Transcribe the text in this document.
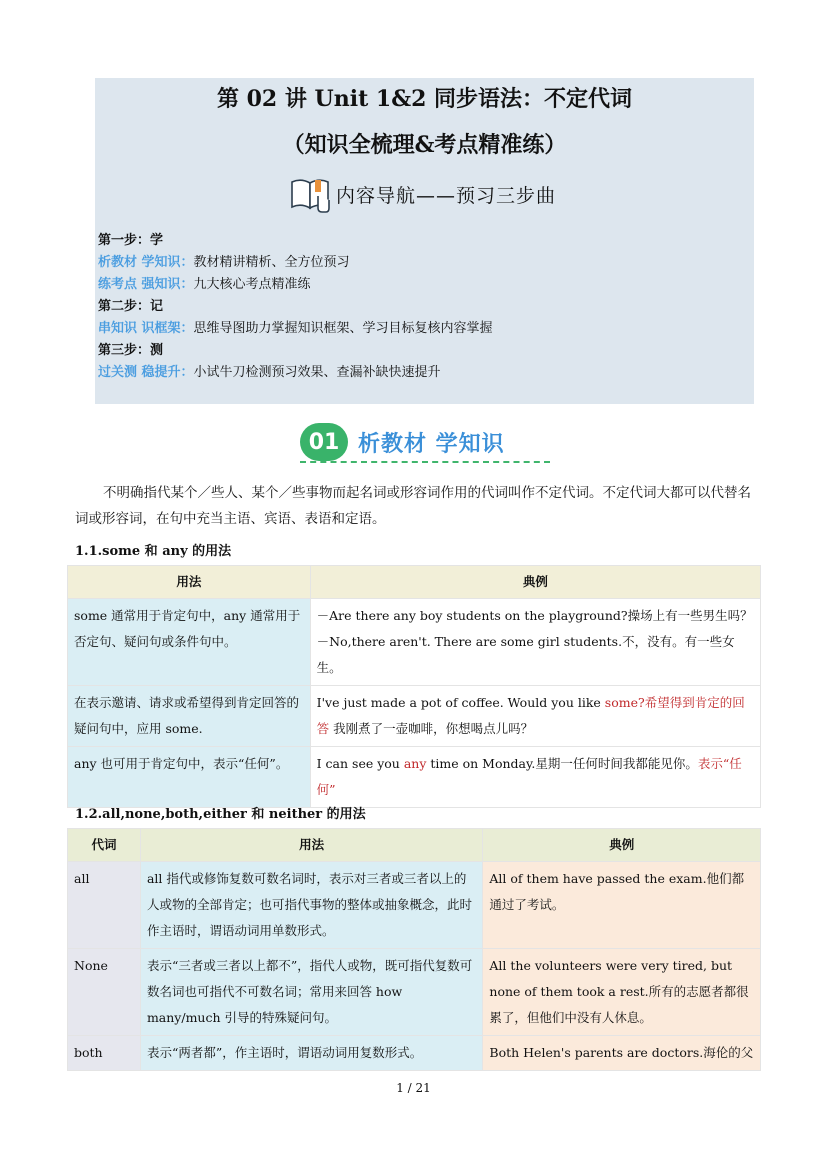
第 02 讲 Unit 1&2 同步语法：不定代词
（知识全梳理&考点精准练）
内容导航——预习三步曲
第一步：学
析教材 学知识：教材精讲精析、全方位预习
练考点 强知识：九大核心考点精准练
第二步：记
串知识 识框架：思维导图助力掌握知识框架、学习目标复核内容掌握
第三步：测
过关测 稳提升：小试牛刀检测预习效果、查漏补缺快速提升
01 析教材 学知识
不明确指代某个／些人、某个／些事物而起名词或形容词作用的代词叫作不定代词。不定代词大都可以代替名词或形容词，在句中充当主语、宾语、表语和定语。
1.1.some 和 any 的用法
用法	典例
some 通常用于肯定句中，any 通常用于否定句、疑问句或条件句中。	－Are there any boy students on the playground?操场上有一些男生吗？
－No,there aren't. There are some girl students.不，没有。有一些女生。

在表示邀请、请求或希望得到肯定回答的疑问句中，应用 some.	I've just made a pot of coffee. Would you like some?希望得到肯定的回答 我刚煮了一壶咖啡，你想喝点儿吗？
any 也可用于肯定句中，表示“任何”。	I can see you any time on Monday.星期一任何时间我都能见你。表示“任何”
1.2.all,none,both,either 和 neither 的用法
代词	用法	典例
all	all 指代或修饰复数可数名词时，表示对三者或三者以上的人或物的全部肯定；也可指代事物的整体或抽象概念，此时作主语时，谓语动词用单数形式。	All of them have passed the exam.他们都通过了考试。
None	表示“三者或三者以上都不”，指代人或物，既可指代复数可数名词也可指代不可数名词；常用来回答 how many/much 引导的特殊疑问句。	All the volunteers were very tired, but none of them took a rest.所有的志愿者都很累了，但他们中没有人休息。
both	表示“两者都”，作主语时，谓语动词用复数形式。	Both Helen's parents are doctors.海伦的父
1 / 21
